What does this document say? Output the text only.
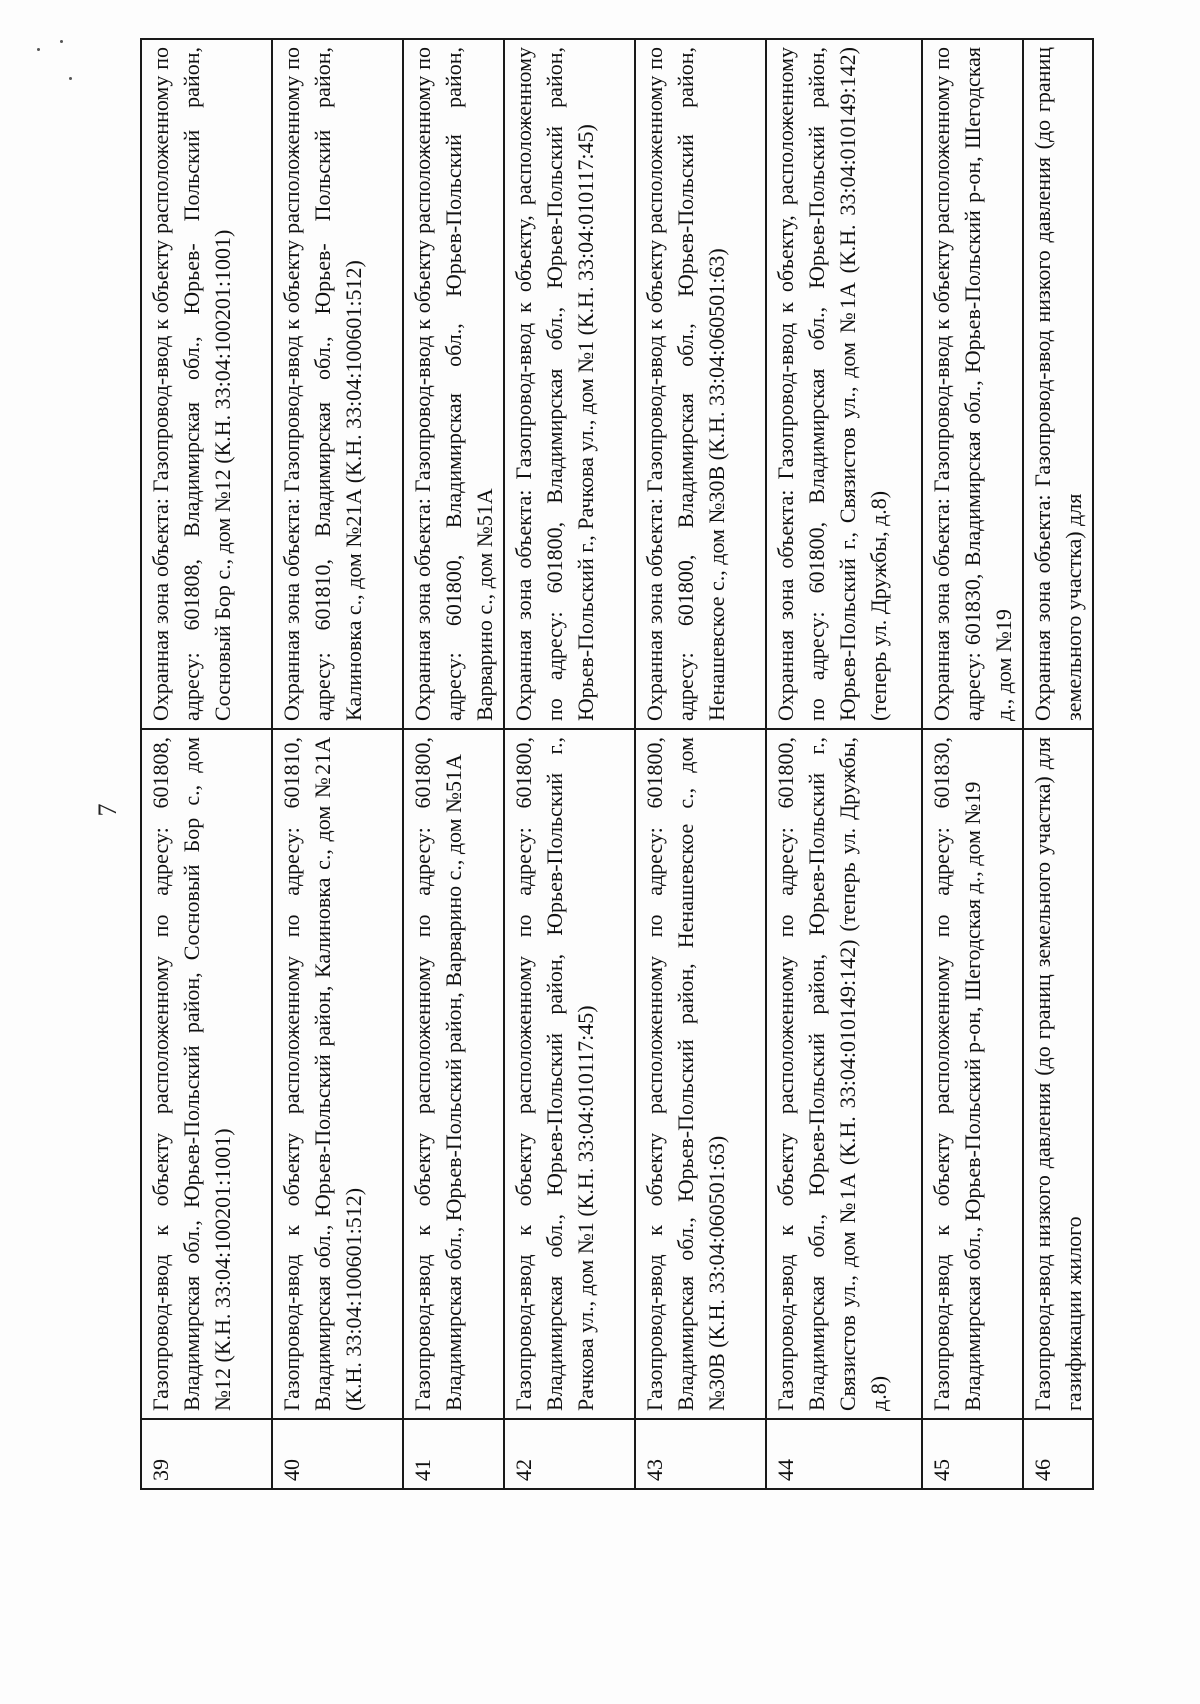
7
39	Газопровод-ввод к объекту расположенному по адресу: 601808, Владимирская обл., Юрьев-Польский район, Сосновый Бор с., дом №12 (К.Н. 33:04:100201:1001)	Охранная зона объекта: Газопровод-ввод к объекту расположенному по адресу: 601808, Владимирская обл., Юрьев- Польский район, Сосновый Бор с., дом №12 (К.Н. 33:04:100201:1001)
40	Газопровод-ввод к объекту расположенному по адресу: 601810, Владимирская обл., Юрьев-Польский район, Калиновка с., дом №21А (К.Н. 33:04:100601:512)	Охранная зона объекта: Газопровод-ввод к объекту расположенному по адресу: 601810, Владимирская обл., Юрьев- Польский район, Калиновка с., дом №21А (К.Н. 33:04:100601:512)
41	Газопровод-ввод к объекту расположенному по адресу: 601800, Владимирская обл., Юрьев-Польский район, Варварино с., дом №51А	Охранная зона объекта: Газопровод-ввод к объекту расположенному по адресу: 601800, Владимирская обл., Юрьев-Польский район, Варварино с., дом №51А
42	Газопровод-ввод к объекту расположенному по адресу: 601800, Владимирская обл., Юрьев-Польский район, Юрьев-Польский г., Рачкова ул., дом №1 (К.Н. 33:04:010117:45)	Охранная зона объекта: Газопровод-ввод к объекту, расположенному по адресу: 601800, Владимирская обл., Юрьев-Польский район, Юрьев-Польский г., Рачкова ул., дом №1 (К.Н. 33:04:010117:45)
43	Газопровод-ввод к объекту расположенному по адресу: 601800, Владимирская обл., Юрьев-Польский район, Ненашевское с., дом №30В (К.Н. 33:04:060501:63)	Охранная зона объекта: Газопровод-ввод к объекту расположенному по адресу: 601800, Владимирская обл., Юрьев-Польский район, Ненашевское с., дом №30В (К.Н. 33:04:060501:63)
44	Газопровод-ввод к объекту расположенному по адресу: 601800, Владимирская обл., Юрьев-Польский район, Юрьев-Польский г., Связистов ул., дом №1А (К.Н. 33:04:010149:142) (теперь ул. Дружбы, д.8)	Охранная зона объекта: Газопровод-ввод к объекту, расположенному по адресу: 601800, Владимирская обл., Юрьев-Польский район, Юрьев-Польский г., Связистов ул., дом №1А (К.Н. 33:04:010149:142) (теперь ул. Дружбы, д.8)
45	Газопровод-ввод к объекту расположенному по адресу: 601830, Владимирская обл., Юрьев-Польский р-он, Шегодская д., дом №19	Охранная зона объекта: Газопровод-ввод к объекту расположенному по адресу: 601830, Владимирская обл., Юрьев-Польский р-он, Шегодская д., дом №19
46	Газопровод-ввод низкого давления (до границ земельного участка) для газификации жилого	Охранная зона объекта: Газопровод-ввод низкого давления (до границ земельного участка) для
